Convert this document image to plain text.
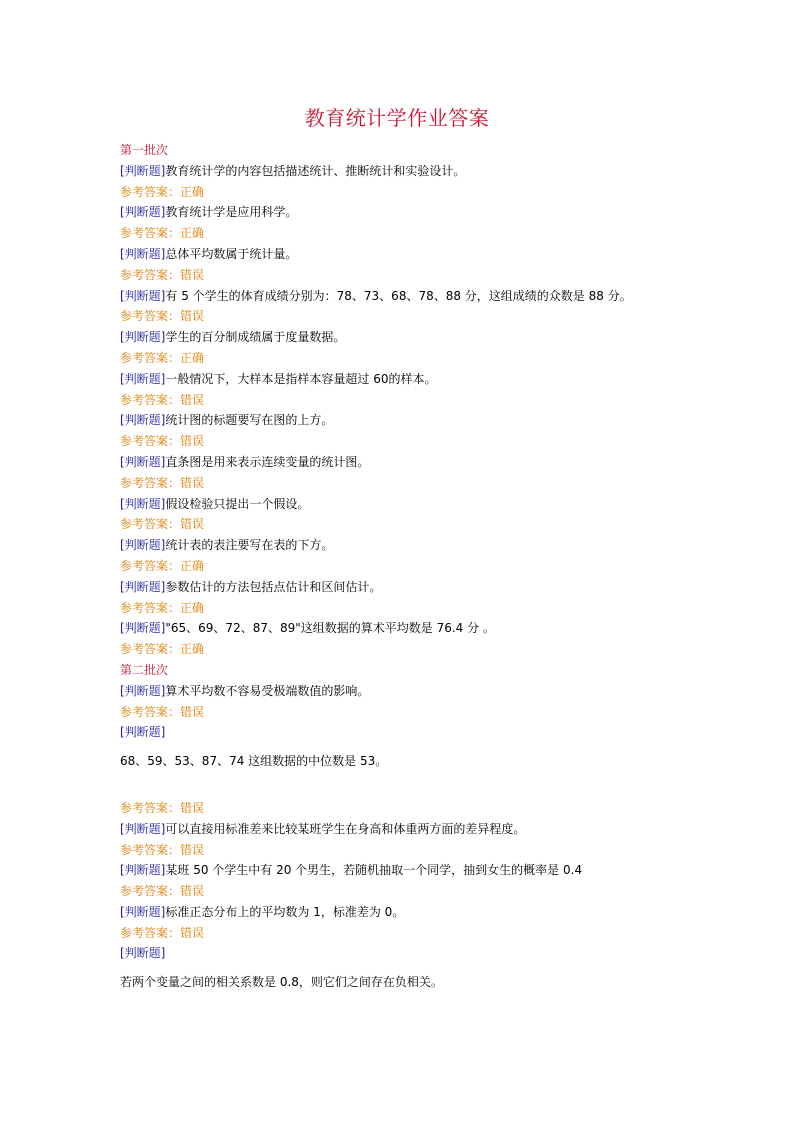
教育统计学作业答案
第一批次
[判断题]教育统计学的内容包括描述统计、推断统计和实验设计。
参考答案：正确
[判断题]教育统计学是应用科学。
参考答案：正确
[判断题]总体平均数属于统计量。
参考答案：错误
[判断题]有 5 个学生的体育成绩分别为：78、73、68、78、88 分，这组成绩的众数是 88 分。
参考答案：错误
[判断题]学生的百分制成绩属于度量数据。
参考答案：正确
[判断题]一般情况下，大样本是指样本容量超过 60的样本。
参考答案：错误
[判断题]统计图的标题要写在图的上方。
参考答案：错误
[判断题]直条图是用来表示连续变量的统计图。
参考答案：错误
[判断题]假设检验只提出一个假设。
参考答案：错误
[判断题]统计表的表注要写在表的下方。
参考答案：正确
[判断题]参数估计的方法包括点估计和区间估计。
参考答案：正确
[判断题]"65、69、72、87、89"这组数据的算术平均数是 76.4 分 。
参考答案：正确
第二批次
[判断题]算术平均数不容易受极端数值的影响。
参考答案：错误
[判断题]
68、59、53、87、74 这组数据的中位数是 53。
参考答案：错误
[判断题]可以直接用标准差来比较某班学生在身高和体重两方面的差异程度。
参考答案：错误
[判断题]某班 50 个学生中有 20 个男生，若随机抽取一个同学，抽到女生的概率是 0.4
参考答案：错误
[判断题]标准正态分布上的平均数为 1，标准差为 0。
参考答案：错误
[判断题]
若两个变量之间的相关系数是 0.8，则它们之间存在负相关。
